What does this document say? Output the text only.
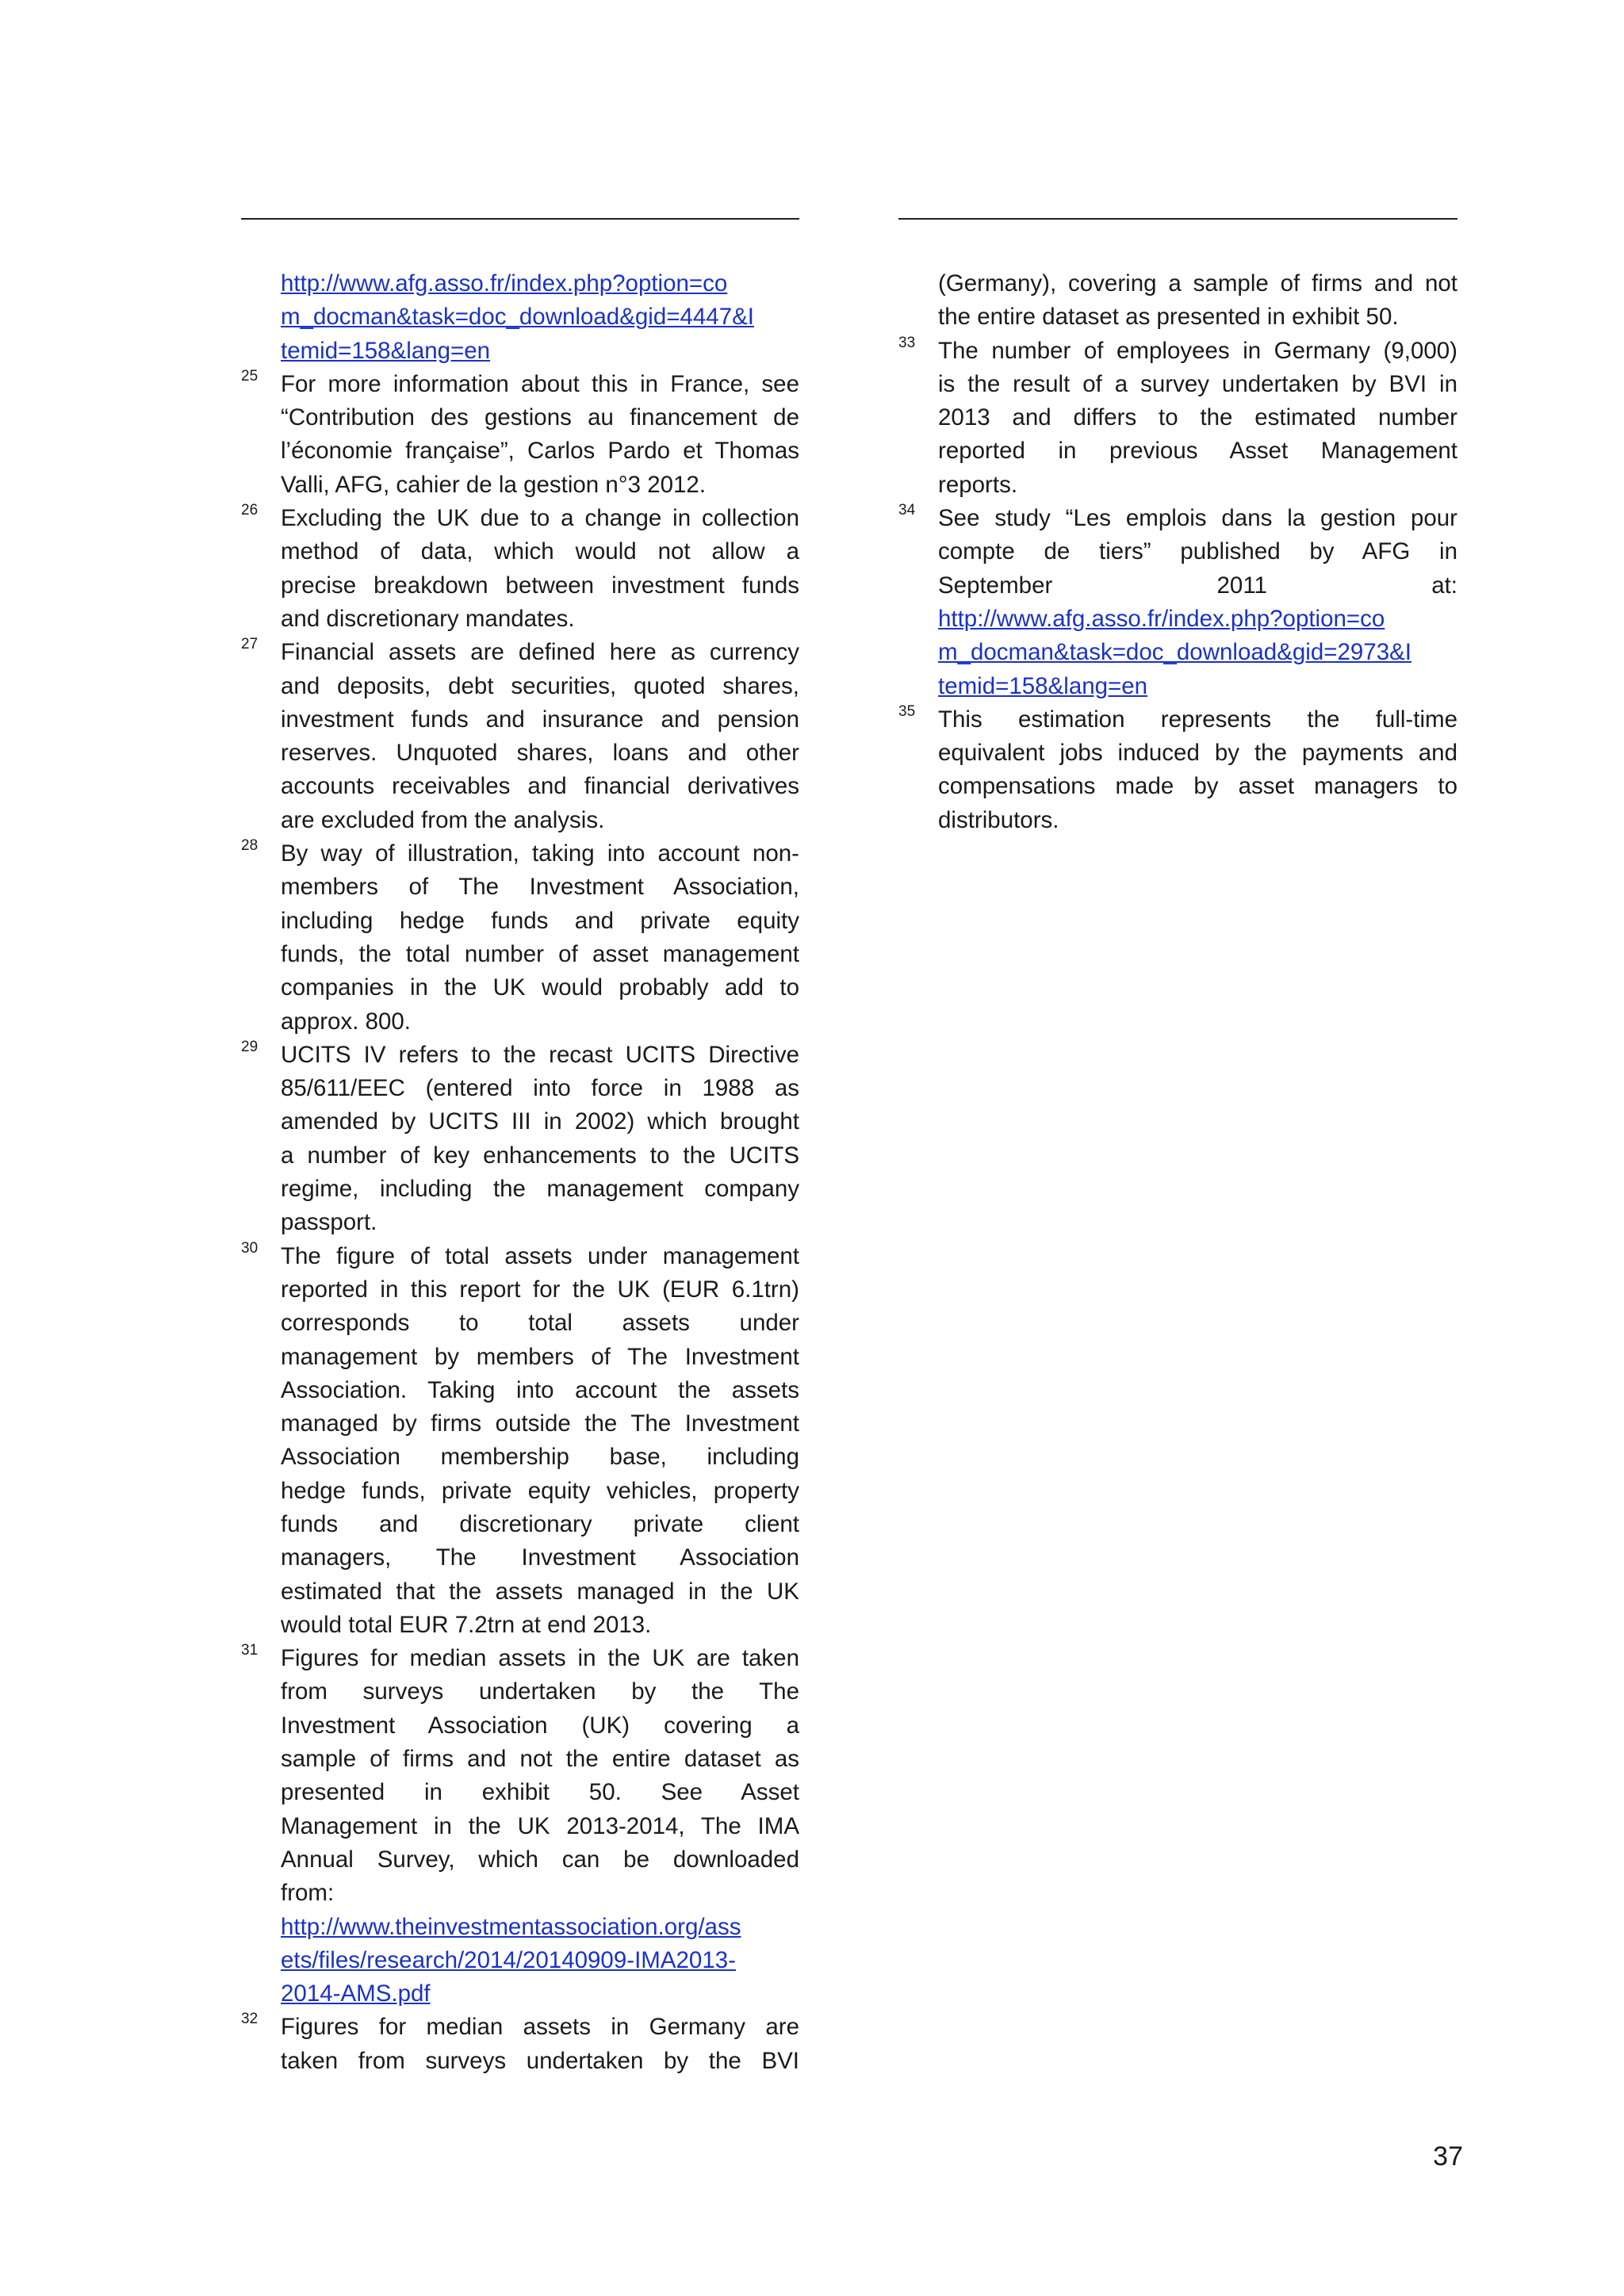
http://www.afg.asso.fr/index.php?option=co
m_docman&task=doc_download&gid=4447&I
temid=158&lang=en
25 For more information about this in France, see
“Contribution des gestions au financement de
l’économie française”, Carlos Pardo et Thomas
Valli, AFG, cahier de la gestion n°3 2012.
26 Excluding the UK due to a change in collection
method of data, which would not allow a
precise breakdown between investment funds
and discretionary mandates.
27 Financial assets are defined here as currency
and deposits, debt securities, quoted shares,
investment funds and insurance and pension
reserves. Unquoted shares, loans and other
accounts receivables and financial derivatives
are excluded from the analysis.
28 By way of illustration, taking into account non-
members of The Investment Association,
including hedge funds and private equity
funds, the total number of asset management
companies in the UK would probably add to
approx. 800.
29 UCITS IV refers to the recast UCITS Directive
85/611/EEC (entered into force in 1988 as
amended by UCITS III in 2002) which brought
a number of key enhancements to the UCITS
regime, including the management company
passport.
30 The figure of total assets under management
reported in this report for the UK (EUR 6.1trn)
corresponds to total assets under
management by members of The Investment
Association. Taking into account the assets
managed by firms outside the The Investment
Association membership base, including
hedge funds, private equity vehicles, property
funds and discretionary private client
managers, The Investment Association
estimated that the assets managed in the UK
would total EUR 7.2trn at end 2013.
31 Figures for median assets in the UK are taken
from surveys undertaken by the The
Investment Association (UK) covering a
sample of firms and not the entire dataset as
presented in exhibit 50. See Asset
Management in the UK 2013-2014, The IMA
Annual Survey, which can be downloaded
from:
http://www.theinvestmentassociation.org/ass
ets/files/research/2014/20140909-IMA2013-
2014-AMS.pdf
32 Figures for median assets in Germany are
taken from surveys undertaken by the BVI
(Germany), covering a sample of firms and not
the entire dataset as presented in exhibit 50.
33 The number of employees in Germany (9,000)
is the result of a survey undertaken by BVI in
2013 and differs to the estimated number
reported in previous Asset Management
reports.
34 See study “Les emplois dans la gestion pour
compte de tiers” published by AFG in
September 2011 at:
http://www.afg.asso.fr/index.php?option=co
m_docman&task=doc_download&gid=2973&I
temid=158&lang=en
35 This estimation represents the full-time
equivalent jobs induced by the payments and
compensations made by asset managers to
distributors.
37
